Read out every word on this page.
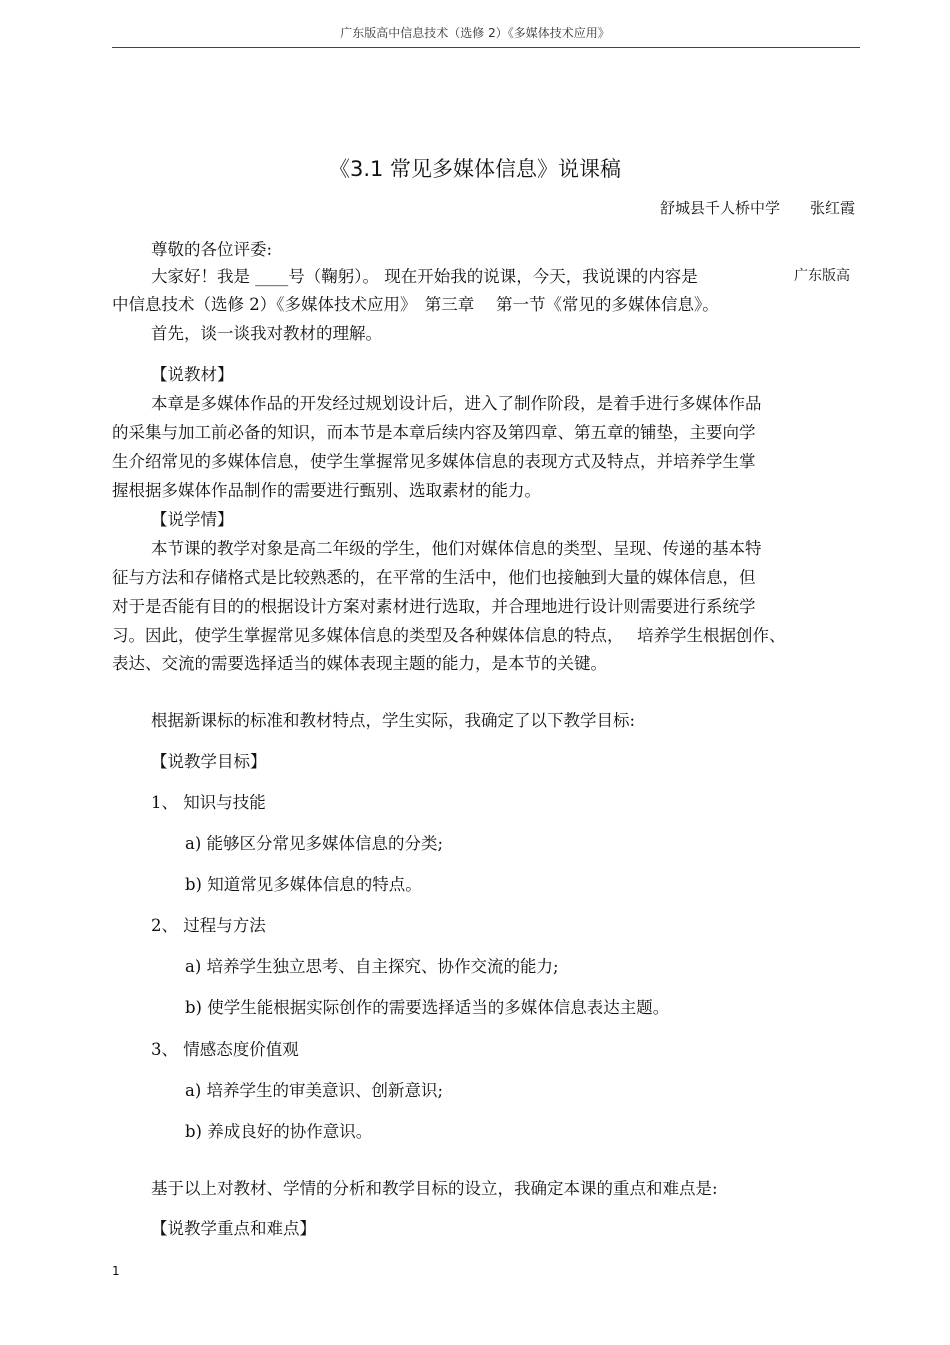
广东版高中信息技术（选修 2）《多媒体技术应用》
《3.1 常见多媒体信息》说课稿
舒城县千人桥中学　　张红霞
尊敬的各位评委:
大家好！我是 ____号（鞠躬）。 现在开始我的说课，今天，我说课的内容是	广东版高
中信息技术（选修 2）《多媒体技术应用》　第三章　 第一节《常见的多媒体信息》。
首先，谈一谈我对教材的理解。
【说教材】
本章是多媒体作品的开发经过规划设计后，进入了制作阶段，是着手进行多媒体作品
的采集与加工前必备的知识，而本节是本章后续内容及第四章、第五章的铺垫，主要向学
生介绍常见的多媒体信息，使学生掌握常见多媒体信息的表现方式及特点，并培养学生掌
握根据多媒体作品制作的需要进行甄别、选取素材的能力。
【说学情】
本节课的教学对象是高二年级的学生，他们对媒体信息的类型、呈现、传递的基本特
征与方法和存储格式是比较熟悉的，在平常的生活中，他们也接触到大量的媒体信息，但
对于是否能有目的的根据设计方案对素材进行选取，并合理地进行设计则需要进行系统学
习。因此，使学生掌握常见多媒体信息的类型及各种媒体信息的特点，　 培养学生根据创作、
表达、交流的需要选择适当的媒体表现主题的能力，是本节的关键。
根据新课标的标准和教材特点，学生实际，我确定了以下教学目标:
【说教学目标】
1、 知识与技能
a) 能够区分常见多媒体信息的分类;
b) 知道常见多媒体信息的特点。
2、 过程与方法
a) 培养学生独立思考、自主探究、协作交流的能力;
b) 使学生能根据实际创作的需要选择适当的多媒体信息表达主题。
3、 情感态度价值观
a) 培养学生的审美意识、创新意识;
b) 养成良好的协作意识。
基于以上对教材、学情的分析和教学目标的设立，我确定本课的重点和难点是:
【说教学重点和难点】
1
